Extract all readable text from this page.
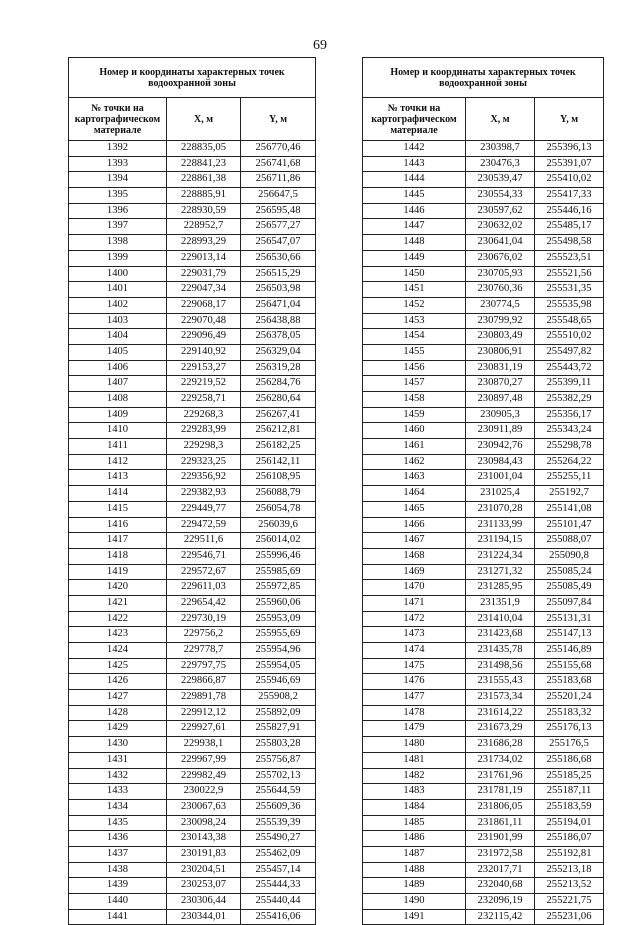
69
Номер и координаты характерных точек водоохранной зоны		
№ точки на картографическом материале	X, м	Y, м
1392	228835,05	256770,46
1393	228841,23	256741,68
1394	228861,38	256711,86
1395	228885,91	256647,5
1396	228930,59	256595,48
1397	228952,7	256577,27
1398	228993,29	256547,07
1399	229013,14	256530,66
1400	229031,79	256515,29
1401	229047,34	256503,98
1402	229068,17	256471,04
1403	229070,48	256438,88
1404	229096,49	256378,05
1405	229140,92	256329,04
1406	229153,27	256319,28
1407	229219,52	256284,76
1408	229258,71	256280,64
1409	229268,3	256267,41
1410	229283,99	256212,81
1411	229298,3	256182,25
1412	229323,25	256142,11
1413	229356,92	256108,95
1414	229382,93	256088,79
1415	229449,77	256054,78
1416	229472,59	256039,6
1417	229511,6	256014,02
1418	229546,71	255996,46
1419	229572,67	255985,69
1420	229611,03	255972,85
1421	229654,42	255960,06
1422	229730,19	255953,09
1423	229756,2	255955,69
1424	229778,7	255954,96
1425	229797,75	255954,05
1426	229866,87	255946,69
1427	229891,78	255908,2
1428	229912,12	255892,09
1429	229927,61	255827,91
1430	229938,1	255803,28
1431	229967,99	255756,87
1432	229982,49	255702,13
1433	230022,9	255644,59
1434	230067,63	255609,36
1435	230098,24	255539,39
1436	230143,38	255490,27
1437	230191,83	255462,09
1438	230204,51	255457,14
1439	230253,07	255444,33
1440	230306,44	255440,44
1441	230344,01	255416,06
Номер и координаты характерных точек водоохранной зоны		
№ точки на картографическом материале	X, м	Y, м
1442	230398,7	255396,13
1443	230476,3	255391,07
1444	230539,47	255410,02
1445	230554,33	255417,33
1446	230597,62	255446,16
1447	230632,02	255485,17
1448	230641,04	255498,58
1449	230676,02	255523,51
1450	230705,93	255521,56
1451	230760,36	255531,35
1452	230774,5	255535,98
1453	230799,92	255548,65
1454	230803,49	255510,02
1455	230806,91	255497,82
1456	230831,19	255443,72
1457	230870,27	255399,11
1458	230897,48	255382,29
1459	230905,3	255356,17
1460	230911,89	255343,24
1461	230942,76	255298,78
1462	230984,43	255264,22
1463	231001,04	255255,11
1464	231025,4	255192,7
1465	231070,28	255141,08
1466	231133,99	255101,47
1467	231194,15	255088,07
1468	231224,34	255090,8
1469	231271,32	255085,24
1470	231285,95	255085,49
1471	231351,9	255097,84
1472	231410,04	255131,31
1473	231423,68	255147,13
1474	231435,78	255146,89
1475	231498,56	255155,68
1476	231555,43	255183,68
1477	231573,34	255201,24
1478	231614,22	255183,32
1479	231673,29	255176,13
1480	231686,28	255176,5
1481	231734,02	255186,68
1482	231761,96	255185,25
1483	231781,19	255187,11
1484	231806,05	255183,59
1485	231861,11	255194,01
1486	231901,99	255186,07
1487	231972,58	255192,81
1488	232017,71	255213,18
1489	232040,68	255213,52
1490	232096,19	255221,75
1491	232115,42	255231,06
